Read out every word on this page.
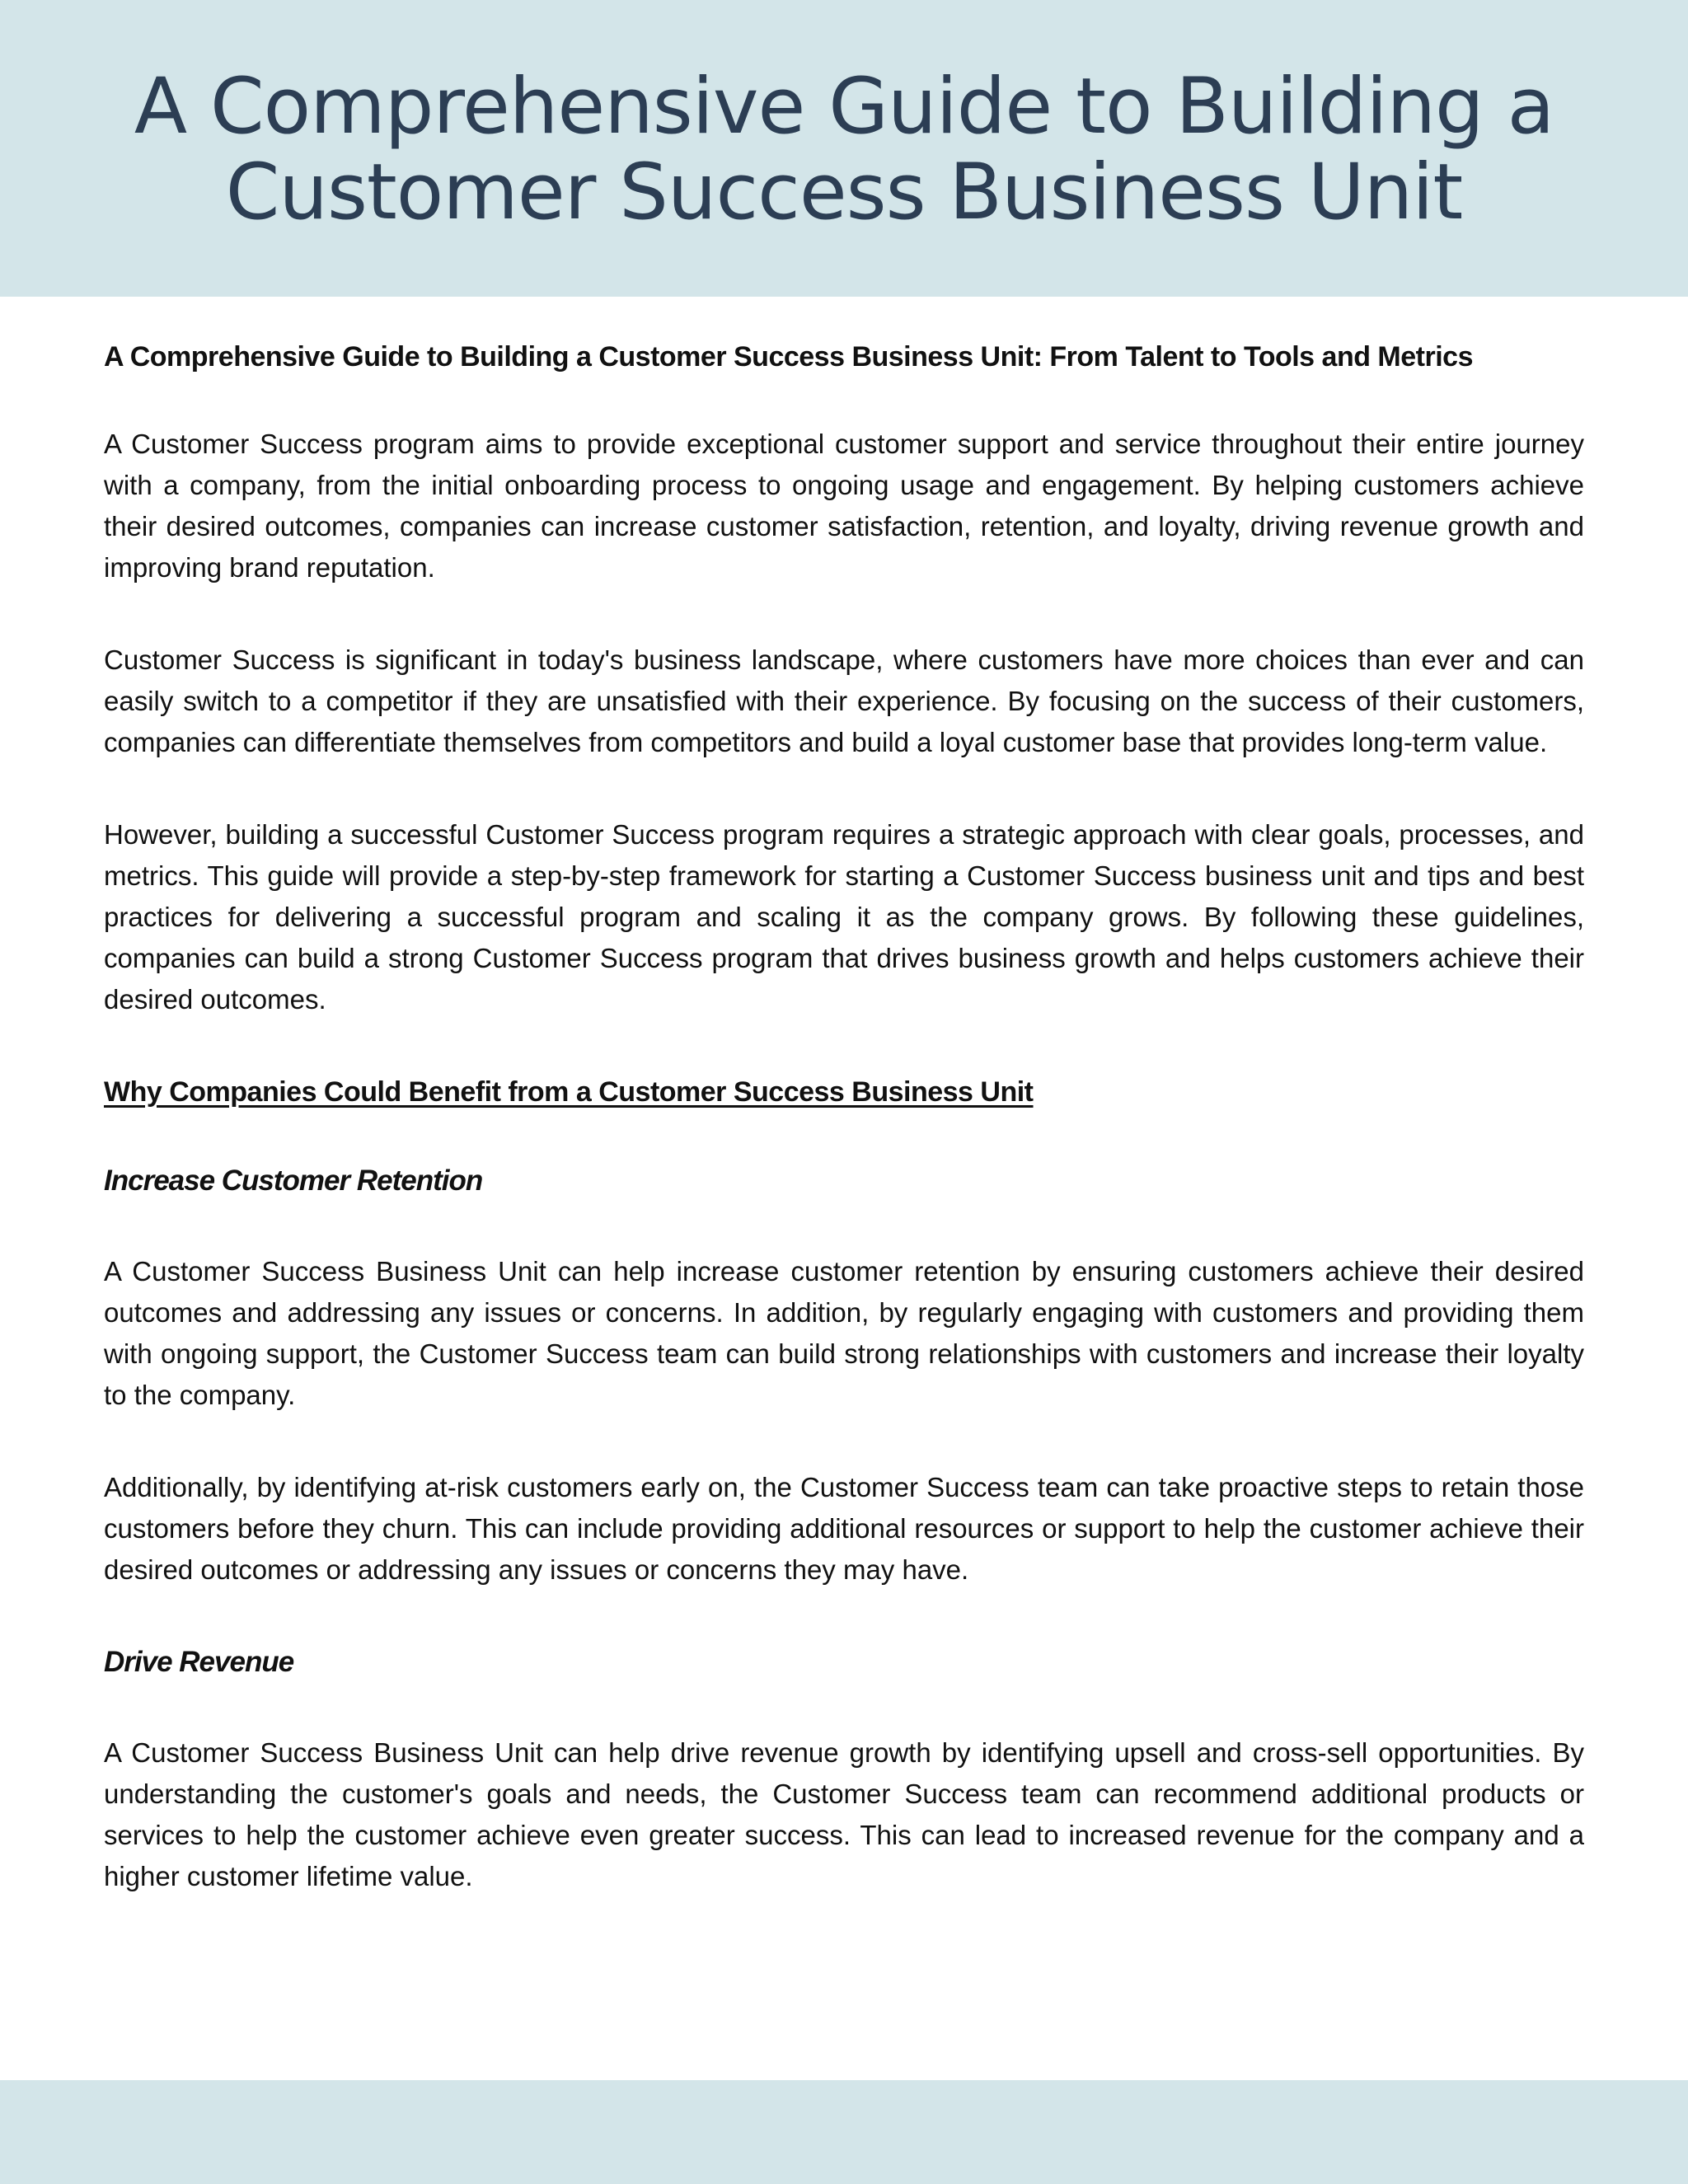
A Comprehensive Guide to Building a Customer Success Business Unit

A Comprehensive Guide to Building a Customer Success Business Unit: From Talent to Tools and Metrics

A Customer Success program aims to provide exceptional customer support and service throughout their entire journey with a company, from the initial onboarding process to ongoing usage and engagement. By helping customers achieve their desired outcomes, companies can increase customer satisfaction, retention, and loyalty, driving revenue growth and improving brand reputation.

Customer Success is significant in today's business landscape, where customers have more choices than ever and can easily switch to a competitor if they are unsatisfied with their experience. By focusing on the success of their customers, companies can differentiate themselves from competitors and build a loyal customer base that provides long-term value.

However, building a successful Customer Success program requires a strategic approach with clear goals, processes, and metrics. This guide will provide a step-by-step framework for starting a Customer Success business unit and tips and best practices for delivering a successful program and scaling it as the company grows. By following these guidelines, companies can build a strong Customer Success program that drives business growth and helps customers achieve their desired outcomes.

Why Companies Could Benefit from a Customer Success Business Unit

Increase Customer Retention

A Customer Success Business Unit can help increase customer retention by ensuring customers achieve their desired outcomes and addressing any issues or concerns. In addition, by regularly engaging with customers and providing them with ongoing support, the Customer Success team can build strong relationships with customers and increase their loyalty to the company.

Additionally, by identifying at-risk customers early on, the Customer Success team can take proactive steps to retain those customers before they churn. This can include providing additional resources or support to help the customer achieve their desired outcomes or addressing any issues or concerns they may have.

Drive Revenue

A Customer Success Business Unit can help drive revenue growth by identifying upsell and cross-sell opportunities. By understanding the customer's goals and needs, the Customer Success team can recommend additional products or services to help the customer achieve even greater success. This can lead to increased revenue for the company and a higher customer lifetime value.
